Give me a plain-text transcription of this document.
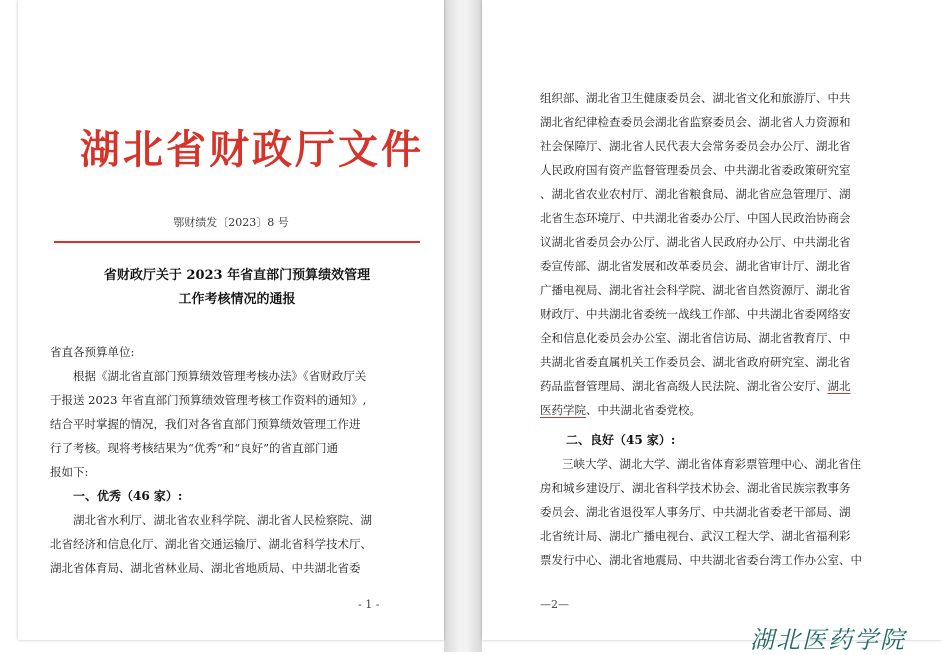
湖北省财政厅文件
鄂财绩发〔2023〕8 号
省财政厅关于 2023 年省直部门预算绩效管理
工作考核情况的通报
省直各预算单位:
根据《湖北省直部门预算绩效管理考核办法》《省财政厅关
于报送 2023 年省直部门预算绩效管理考核工作资料的通知》,
结合平时掌握的情况，我们对各省直部门预算绩效管理工作进
行了考核。现将考核结果为“优秀”和“良好”的省直部门通
报如下:
一、优秀（46 家）:
湖北省水利厅、湖北省农业科学院、湖北省人民检察院、湖
北省经济和信息化厅、湖北省交通运输厅、湖北省科学技术厅、
湖北省体育局、湖北省林业局、湖北省地质局、中共湖北省委
- 1 -
组织部、湖北省卫生健康委员会、湖北省文化和旅游厅、中共
湖北省纪律检查委员会湖北省监察委员会、湖北省人力资源和
社会保障厅、湖北省人民代表大会常务委员会办公厅、湖北省
人民政府国有资产监督管理委员会、中共湖北省委政策研究室
、湖北省农业农村厅、湖北省粮食局、湖北省应急管理厅、湖
北省生态环境厅、中共湖北省委办公厅、中国人民政治协商会
议湖北省委员会办公厅、湖北省人民政府办公厅、中共湖北省
委宣传部、湖北省发展和改革委员会、湖北省审计厅、湖北省
广播电视局、湖北省社会科学院、湖北省自然资源厅、湖北省
财政厅、中共湖北省委统一战线工作部、中共湖北省委网络安
全和信息化委员会办公室、湖北省信访局、湖北省教育厅、中
共湖北省委直属机关工作委员会、湖北省政府研究室、湖北省
药品监督管理局、湖北省高级人民法院、湖北省公安厅、湖北
医药学院、中共湖北省委党校。
二、良好（45 家）:
三峡大学、湖北大学、湖北省体育彩票管理中心、湖北省住
房和城乡建设厅、湖北省科学技术协会、湖北省民族宗教事务
委员会、湖北省退役军人事务厅、中共湖北省委老干部局、湖
北省统计局、湖北广播电视台、武汉工程大学、湖北省福利彩
票发行中心、湖北省地震局、中共湖北省委台湾工作办公室、中
—2—
湖北医药学院
